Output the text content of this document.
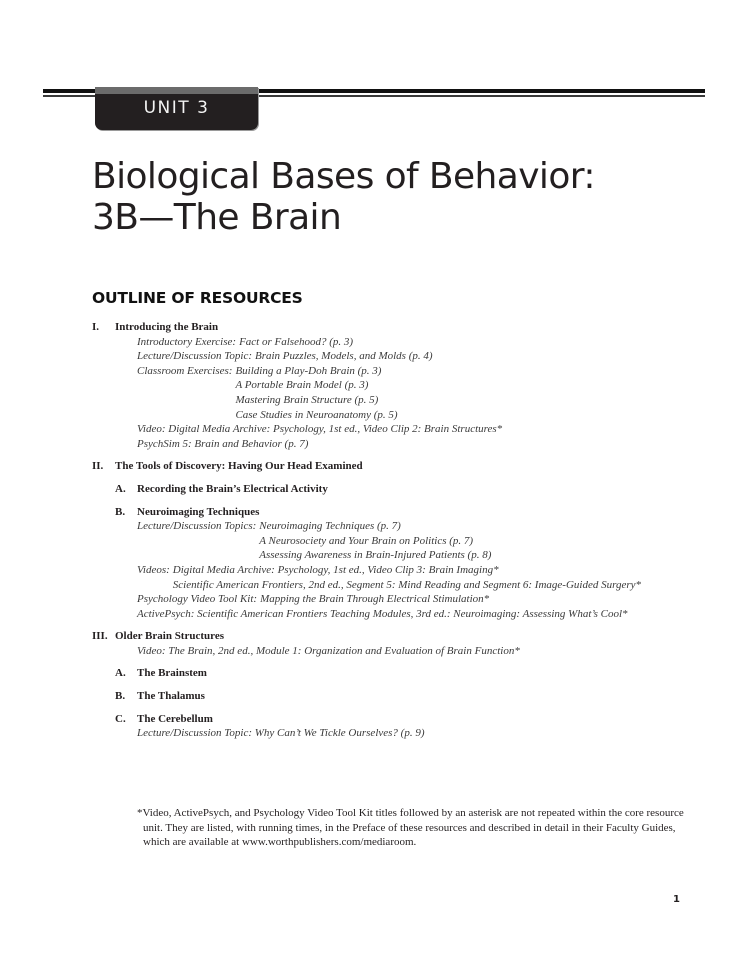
UNIT 3
Biological Bases of Behavior:
3B—The Brain
OUTLINE OF RESOURCES
I. Introducing the Brain
Introductory Exercise: Fact or Falsehood? (p. 3)
Lecture/Discussion Topic: Brain Puzzles, Models, and Molds (p. 4)
Classroom Exercises: Building a Play-Doh Brain (p. 3)
A Portable Brain Model (p. 3)
Mastering Brain Structure (p. 5)
Case Studies in Neuroanatomy (p. 5)
Video: Digital Media Archive: Psychology, 1st ed., Video Clip 2: Brain Structures*
PsychSim 5: Brain and Behavior (p. 7)
II. The Tools of Discovery: Having Our Head Examined
A. Recording the Brain’s Electrical Activity
B. Neuroimaging Techniques
Lecture/Discussion Topics: Neuroimaging Techniques (p. 7)
A Neurosociety and Your Brain on Politics (p. 7)
Assessing Awareness in Brain-Injured Patients (p. 8)
Videos: Digital Media Archive: Psychology, 1st ed., Video Clip 3: Brain Imaging*
Scientific American Frontiers, 2nd ed., Segment 5: Mind Reading and Segment 6: Image-Guided Surgery*
Psychology Video Tool Kit: Mapping the Brain Through Electrical Stimulation*
ActivePsych: Scientific American Frontiers Teaching Modules, 3rd ed.: Neuroimaging: Assessing What’s Cool*
III. Older Brain Structures
Video: The Brain, 2nd ed., Module 1: Organization and Evaluation of Brain Function*
A. The Brainstem
B. The Thalamus
C. The Cerebellum
Lecture/Discussion Topic: Why Can’t We Tickle Ourselves? (p. 9)
*Video, ActivePsych, and Psychology Video Tool Kit titles followed by an asterisk are not repeated within the core resource unit. They are listed, with running times, in the Preface of these resources and described in detail in their Faculty Guides, which are available at www.worthpublishers.com/mediaroom.
1
